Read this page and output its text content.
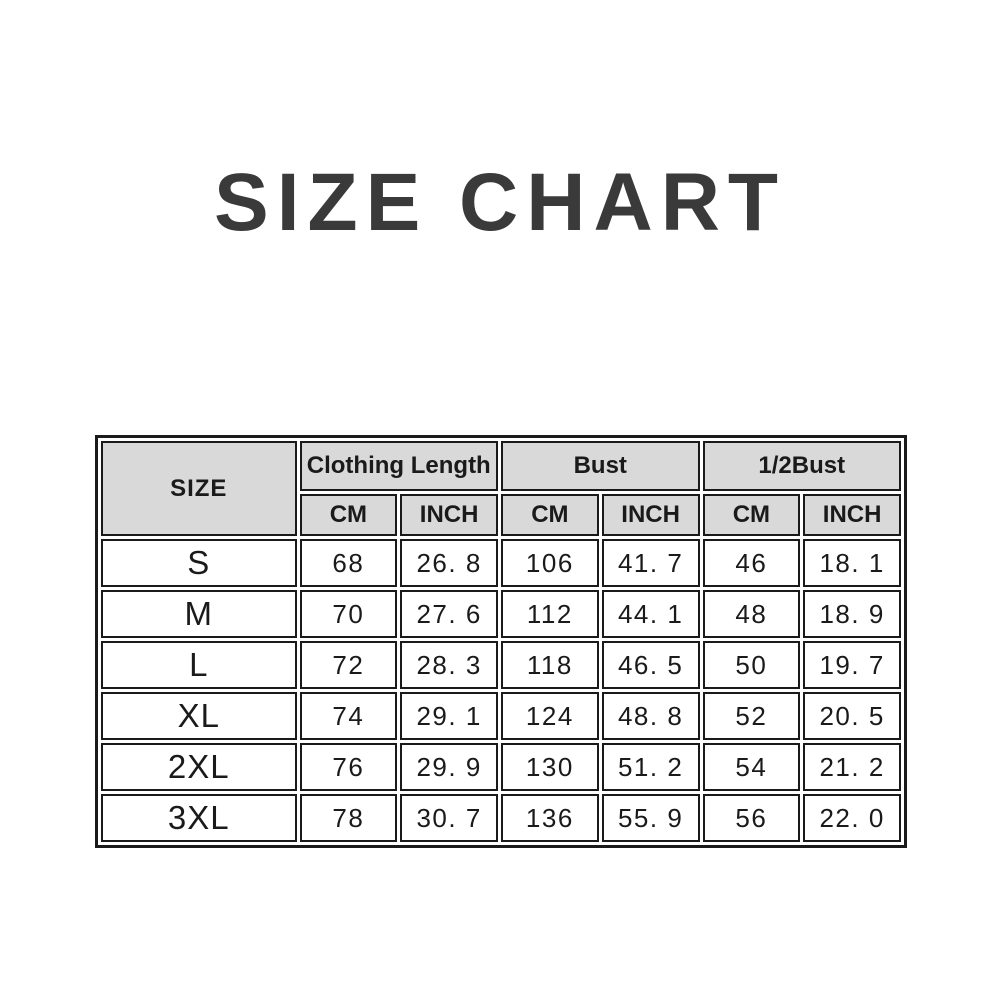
SIZE CHART
SIZE	Clothing Length		Bust		1/2Bust	
	CM	INCH	CM	INCH	CM	INCH
S	68	26. 8	106	41. 7	46	18. 1
M	70	27. 6	112	44. 1	48	18. 9
L	72	28. 3	118	46. 5	50	19. 7
XL	74	29. 1	124	48. 8	52	20. 5
2XL	76	29. 9	130	51. 2	54	21. 2
3XL	78	30. 7	136	55. 9	56	22. 0
